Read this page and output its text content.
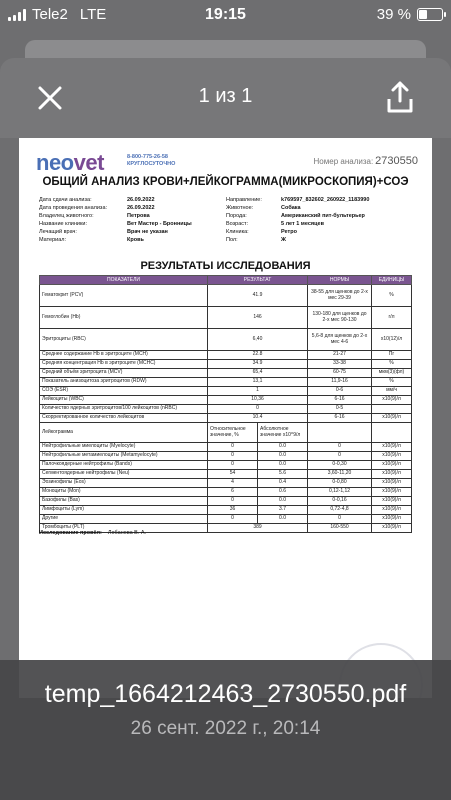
Tele2 LTE	19:15	39 %
1 из 1
neovet	8-800-775-26-58
КРУГЛОСУТОЧНО	Номер анализа: 2730550
ОБЩИЙ АНАЛИЗ КРОВИ+ЛЕЙКОГРАММА(МИКРОСКОПИЯ)+СОЭ
Дата сдачи анализа:	26.09.2022
Дата проведения анализа:	26.09.2022
Владелец животного:	Петрова
Название клиники:	Вет Мастер - Бронницы
Лечащий врач:	Врач не указан
Материал:	Кровь
Направление:	k769597_832602_260922_1183990
Животное:	Собака
Порода:	Американский пит-бультерьер
Возраст:	5 лет 1 месяцев
Клиника:	Ретро
Пол:	Ж
РЕЗУЛЬТАТЫ ИССЛЕДОВАНИЯ
ПОКАЗАТЕЛИ	РЕЗУЛЬТАТ		НОРМЫ	ЕДИНИЦЫ
Гематокрит (PCV)	41.9		38-55 для щенков до 2-х мес 29-39	%
Гемоглобин (Hb)	146		130-180 для щенков до 2-х мес 90-130	г/л
Эритроциты (RBC)	6,40		5,6-8 для щенков до 2-х мес 4-6	x10(12)/л
Среднее содержание Hb в эритроците (MCH)	22.8		21-27	Пг
Средняя концентрация Hb в эритроците (MCHC)	34.9		33-38	%
Средний объём эритроцита (MCV)	65,4		60-75	мкм(3)(фл)
Показатель анизоцитоза эритроцитов (RDW)	13,1		11,9-16	%
СОЭ (ESR)	1		0-6	мм/ч
Лейкоциты (WBC)	10,36		6-16	x10(9)/л
Количество ядерных эритроцитов/100 лейкоцитов (nRBC)	0		0-5	
Скорректированное количество лейкоцитов	10.4		6-16	x10(9)/л
Лейкограмма	Относительное значение, %	Абсолютное значение x10^9/л		
Нейтрофильные миелоциты (Myelocyte)	0	0.0	0	x10(9)/л
Нейтрофильные метамиелоциты (Metamyelocyte)	0	0.0	0	x10(9)/л
Палочкоядерные нейтрофилы (Bands)	0	0.0	0-0,30	x10(9)/л
Сегментоядерные нейтрофилы (Neu)	54	5.6	3,60-11,20	x10(9)/л
Эозинофилы (Eos)	4	0.4	0-0,80	x10(9)/л
Моноциты (Mon)	6	0.6	0,12-1,12	x10(9)/л
Базофилы (Bas)	0	0.0	0-0,16	x10(9)/л
Лимфоциты (Lym)	36	3.7	0,72-4,8	x10(9)/л
Другие	0	0.0	0	x10(9)/л
Тромбоциты (PLT)	389		160-550	x10(9)/л
Исследование провёл: Лобанова В. А.
temp_1664212463_2730550.pdf
26 сент. 2022 г., 20:14
